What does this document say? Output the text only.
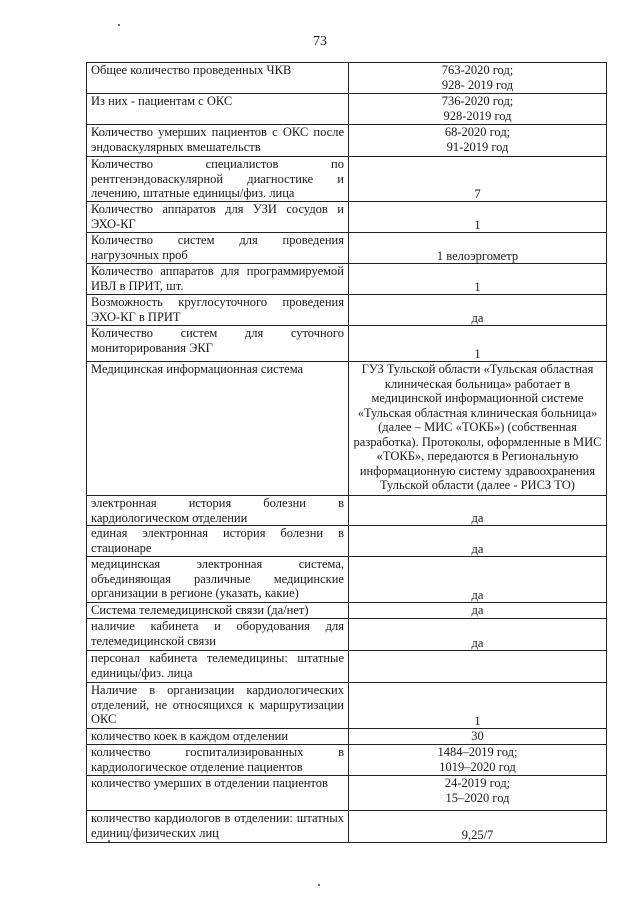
73
Общее количество проведенных ЧКВ	763-2020 год;
928- 2019 год

Из них - пациентам с ОКС	736-2020 год;
928-2019 год

Количество умерших пациентов с ОКС после эндоваскулярных вмешательств	68-2020 год;
91-2019 год

Количество специалистов по рентгенэндоваскулярной диагностике и лечению, штатные единицы/физ. лица	7
Количество аппаратов для УЗИ сосудов и ЭХО-КГ	1
Количество систем для проведения нагрузочных проб	1 велоэргометр
Количество аппаратов для программируемой ИВЛ в ПРИТ, шт.	1
Возможность круглосуточного проведения ЭХО-КГ в ПРИТ	да
Количество систем для суточного мониторирования ЭКГ	1
Медицинская информационная система	ГУЗ Тульской области «Тульская областная клиническая больница» работает в медицинской информационной системе «Тульская областная клиническая больница» (далее – МИС «ТОКБ») (собственная разработка). Протоколы, оформленные в МИС «ТОКБ», передаются в Региональную информационную систему здравоохранения Тульской области (далее - РИСЗ ТО)
электронная история болезни в кардиологическом отделении	да
единая электронная история болезни в стационаре	да
медицинская электронная система, объединяющая различные медицинские организации в регионе (указать, какие)	да
Система телемедицинской связи (да/нет)	да
наличие кабинета и оборудования для телемедицинской связи	да
персонал кабинета телемедицины: штатные единицы/физ. лица	
Наличие в организации кардиологических отделений, не относящихся к маршрутизации ОКС	1
количество коек в каждом отделении	30
количество госпитализированных в кардиологическое отделение пациентов	1484–2019 год;
1019–2020 год

количество умерших в отделении пациентов	24-2019 год;
15–2020 год

количество кардиологов в отделении: штатных единиц/физических лиц	9,25/7
